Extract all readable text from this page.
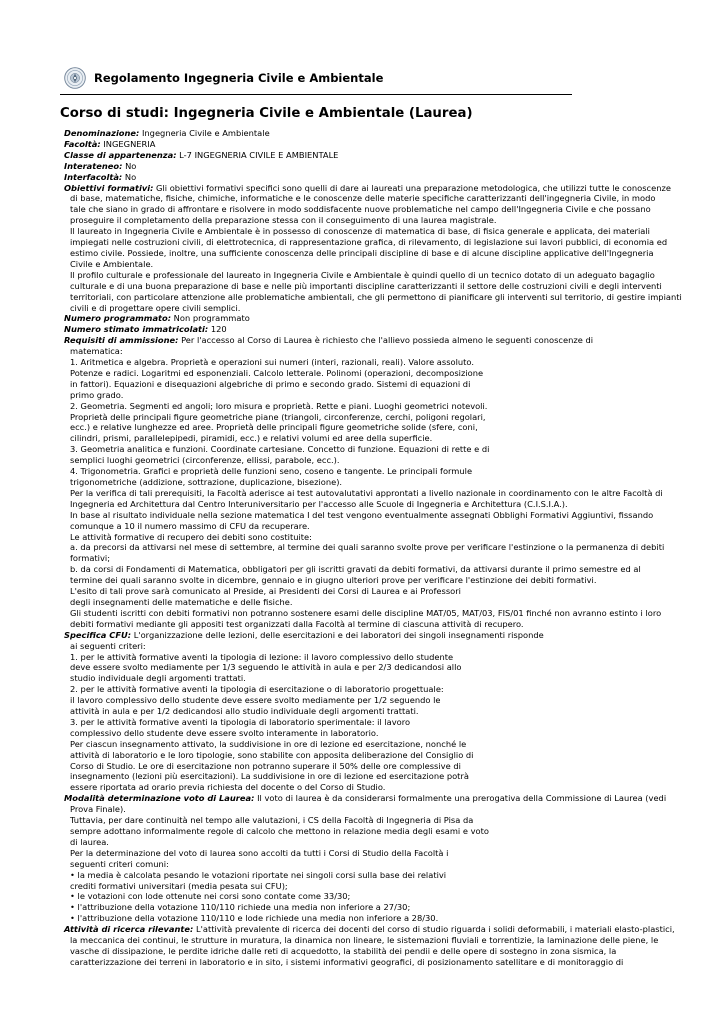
Regolamento Ingegneria Civile e Ambientale
Corso di studi: Ingegneria Civile e Ambientale (Laurea)
Denominazione: Ingegneria Civile e Ambientale
Facoltà: INGEGNERIA
Classe di appartenenza: L-7 INGEGNERIA CIVILE E AMBIENTALE
Interateneo: No
Interfacoltà: No
Obiettivi formativi: Gli obiettivi formativi specifici sono quelli di dare ai laureati una preparazione metodologica, che utilizzi tutte le conoscenze
di base, matematiche, fisiche, chimiche, informatiche e le conoscenze delle materie specifiche caratterizzanti dell'ingegneria Civile, in modo
tale che siano in grado di affrontare e risolvere in modo soddisfacente nuove problematiche nel campo dell'Ingegneria Civile e che possano
proseguire il completamento della preparazione stessa con il conseguimento di una laurea magistrale.
Il laureato in Ingegneria Civile e Ambientale è in possesso di conoscenze di matematica di base, di fisica generale e applicata, dei materiali
impiegati nelle costruzioni civili, di elettrotecnica, di rappresentazione grafica, di rilevamento, di legislazione sui lavori pubblici, di economia ed
estimo civile. Possiede, inoltre, una sufficiente conoscenza delle principali discipline di base e di alcune discipline applicative dell'Ingegneria
Civile e Ambientale.
Il profilo culturale e professionale del laureato in Ingegneria Civile e Ambientale è quindi quello di un tecnico dotato di un adeguato bagaglio
culturale e di una buona preparazione di base e nelle più importanti discipline caratterizzanti il settore delle costruzioni civili e degli interventi
territoriali, con particolare attenzione alle problematiche ambientali, che gli permettono di pianificare gli interventi sul territorio, di gestire impianti
civili e di progettare opere civili semplici.
Numero programmato: Non programmato
Numero stimato immatricolati: 120
Requisiti di ammissione: Per l'accesso al Corso di Laurea è richiesto che l'allievo possieda almeno le seguenti conoscenze di
matematica:
1. Aritmetica e algebra. Proprietà e operazioni sui numeri (interi, razionali, reali). Valore assoluto.
Potenze e radici. Logaritmi ed esponenziali. Calcolo letterale. Polinomi (operazioni, decomposizione
in fattori). Equazioni e disequazioni algebriche di primo e secondo grado. Sistemi di equazioni di
primo grado.
2. Geometria. Segmenti ed angoli; loro misura e proprietà. Rette e piani. Luoghi geometrici notevoli.
Proprietà delle principali figure geometriche piane (triangoli, circonferenze, cerchi, poligoni regolari,
ecc.) e relative lunghezze ed aree. Proprietà delle principali figure geometriche solide (sfere, coni,
cilindri, prismi, parallelepipedi, piramidi, ecc.) e relativi volumi ed aree della superficie.
3. Geometria analitica e funzioni. Coordinate cartesiane. Concetto di funzione. Equazioni di rette e di
semplici luoghi geometrici (circonferenze, ellissi, parabole, ecc.).
4. Trigonometria. Grafici e proprietà delle funzioni seno, coseno e tangente. Le principali formule
trigonometriche (addizione, sottrazione, duplicazione, bisezione).
Per la verifica di tali prerequisiti, la Facoltà aderisce ai test autovalutativi approntati a livello nazionale in coordinamento con le altre Facoltà di
Ingegneria ed Architettura dal Centro Interuniversitario per l'accesso alle Scuole di Ingegneria e Architettura (C.I.S.I.A.).
In base al risultato individuale nella sezione matematica I del test vengono eventualmente assegnati Obblighi Formativi Aggiuntivi, fissando
comunque a 10 il numero massimo di CFU da recuperare.
Le attività formative di recupero dei debiti sono costituite:
a. da precorsi da attivarsi nel mese di settembre, al termine dei quali saranno svolte prove per verificare l'estinzione o la permanenza di debiti
formativi;
b. da corsi di Fondamenti di Matematica, obbligatori per gli iscritti gravati da debiti formativi, da attivarsi durante il primo semestre ed al
termine dei quali saranno svolte in dicembre, gennaio e in giugno ulteriori prove per verificare l'estinzione dei debiti formativi.
L'esito di tali prove sarà comunicato al Preside, ai Presidenti dei Corsi di Laurea e ai Professori
degli insegnamenti delle matematiche e delle fisiche.
Gli studenti iscritti con debiti formativi non potranno sostenere esami delle discipline MAT/05, MAT/03, FIS/01 finché non avranno estinto i loro
debiti formativi mediante gli appositi test organizzati dalla Facoltà al termine di ciascuna attività di recupero.
Specifica CFU: L'organizzazione delle lezioni, delle esercitazioni e dei laboratori dei singoli insegnamenti risponde
ai seguenti criteri:
1. per le attività formative aventi la tipologia di lezione: il lavoro complessivo dello studente
deve essere svolto mediamente per 1/3 seguendo le attività in aula e per 2/3 dedicandosi allo
studio individuale degli argomenti trattati.
2. per le attività formative aventi la tipologia di esercitazione o di laboratorio progettuale:
il lavoro complessivo dello studente deve essere svolto mediamente per 1/2 seguendo le
attività in aula e per 1/2 dedicandosi allo studio individuale degli argomenti trattati.
3. per le attività formative aventi la tipologia di laboratorio sperimentale: il lavoro
complessivo dello studente deve essere svolto interamente in laboratorio.
Per ciascun insegnamento attivato, la suddivisione in ore di lezione ed esercitazione, nonché le
attività di laboratorio e le loro tipologie, sono stabilite con apposita deliberazione del Consiglio di
Corso di Studio. Le ore di esercitazione non potranno superare il 50% delle ore complessive di
insegnamento (lezioni più esercitazioni). La suddivisione in ore di lezione ed esercitazione potrà
essere riportata ad orario previa richiesta del docente o del Corso di Studio.
Modalità determinazione voto di Laurea: Il voto di laurea è da considerarsi formalmente una prerogativa della Commissione di Laurea (vedi
Prova Finale).
Tuttavia, per dare continuità nel tempo alle valutazioni, i CS della Facoltà di Ingegneria di Pisa da
sempre adottano informalmente regole di calcolo che mettono in relazione media degli esami e voto
di laurea.
Per la determinazione del voto di laurea sono accolti da tutti i Corsi di Studio della Facoltà i
seguenti criteri comuni:
• la media è calcolata pesando le votazioni riportate nei singoli corsi sulla base dei relativi
crediti formativi universitari (media pesata sui CFU);
• le votazioni con lode ottenute nei corsi sono contate come 33/30;
• l'attribuzione della votazione 110/110 richiede una media non inferiore a 27/30;
• l'attribuzione della votazione 110/110 e lode richiede una media non inferiore a 28/30.
Attività di ricerca rilevante: L'attività prevalente di ricerca dei docenti del corso di studio riguarda i solidi deformabili, i materiali elasto-plastici,
la meccanica dei continui, le strutture in muratura, la dinamica non lineare, le sistemazioni fluviali e torrentizie, la laminazione delle piene, le
vasche di dissipazione, le perdite idriche dalle reti di acquedotto, la stabilità dei pendii e delle opere di sostegno in zona sismica, la
caratterizzazione dei terreni in laboratorio e in sito, i sistemi informativi geografici, di posizionamento satellitare e di monitoraggio di
